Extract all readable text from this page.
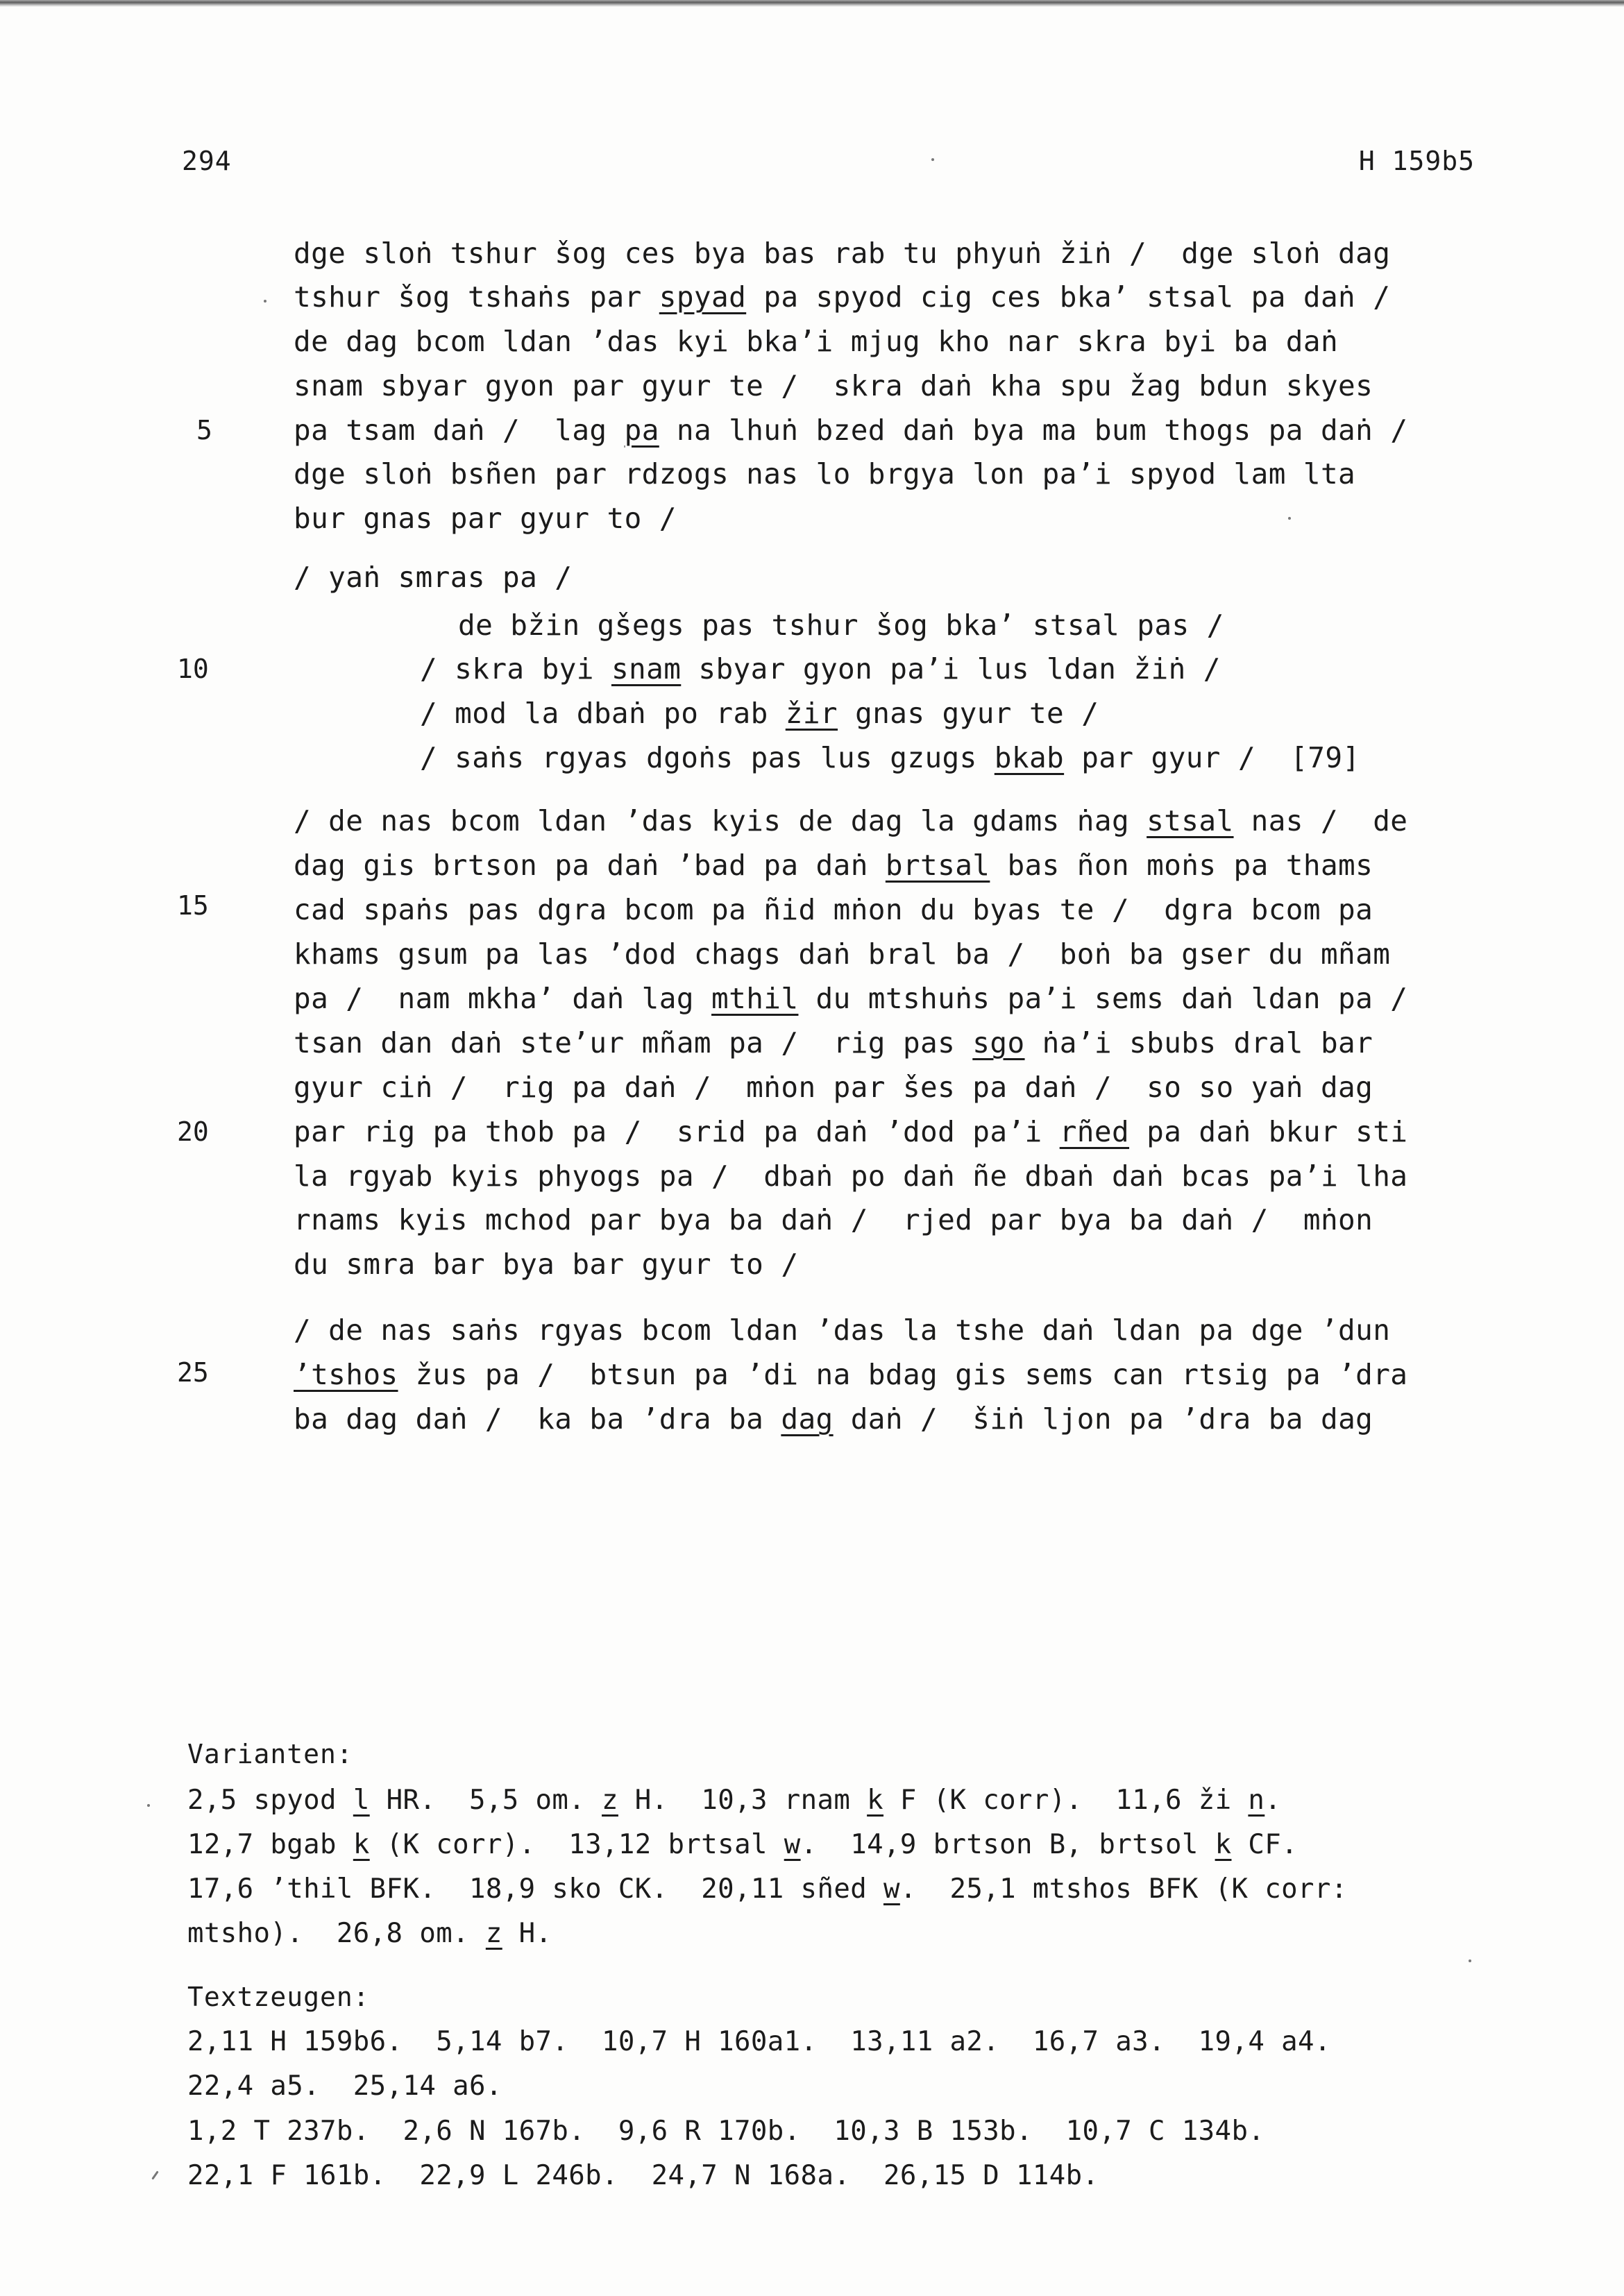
294	H 159b5
dge sloṅ tshur šog ces bya bas rab tu phyuṅ žiṅ /  dge sloṅ dag
tshur šog tshaṅs par spyad pa spyod cig ces bka’ stsal pa daṅ /
de dag bcom ldan ’das kyi bka’i mjug kho nar skra byi ba daṅ
snam sbyar gyon par gyur te /  skra daṅ kha spu žag bdun skyes
pa tsam daṅ /  lag pa na lhuṅ bzed daṅ bya ma bum thogs pa daṅ /
dge sloṅ bsñen par rdzogs nas lo brgya lon pa’i spyod lam lta
bur gnas par gyur to /
/ yaṅ smras pa /
de bžin gšegs pas tshur šog bka’ stsal pas /
/ skra byi snam sbyar gyon pa’i lus ldan žiṅ /
/ mod la dbaṅ po rab žir gnas gyur te /
/ saṅs rgyas dgoṅs pas lus gzugs bkab par gyur /  [79]
/ de nas bcom ldan ’das kyis de dag la gdams ṅag stsal nas /  de
dag gis brtson pa daṅ ’bad pa daṅ brtsal bas ñon moṅs pa thams
cad spaṅs pas dgra bcom pa ñid mṅon du byas te /  dgra bcom pa
khams gsum pa las ’dod chags daṅ bral ba /  boṅ ba gser du mñam
pa /  nam mkha’ daṅ lag mthil du mtshuṅs pa’i sems daṅ ldan pa /
tsan dan daṅ ste’ur mñam pa /  rig pas sgo ṅa’i sbubs dral bar
gyur ciṅ /  rig pa daṅ /  mṅon par šes pa daṅ /  so so yaṅ dag
par rig pa thob pa /  srid pa daṅ ’dod pa’i rñed pa daṅ bkur sti
la rgyab kyis phyogs pa /  dbaṅ po daṅ ñe dbaṅ daṅ bcas pa’i lha
rnams kyis mchod par bya ba daṅ /  rjed par bya ba daṅ /  mṅon
du smra bar bya bar gyur to /
/ de nas saṅs rgyas bcom ldan ’das la tshe daṅ ldan pa dge ’dun
’tshos žus pa /  btsun pa ’di na bdag gis sems can rtsig pa ’dra
ba dag daṅ /  ka ba ’dra ba dag daṅ /  šiṅ ljon pa ’dra ba dag
5
10
15
20
25
Varianten:
2,5 spyod l HR.  5,5 om. z H.  10,3 rnam k F (K corr).  11,6 ži n.
12,7 bgab k (K corr).  13,12 brtsal w.  14,9 brtson B, brtsol k CF.
17,6 ’thil BFK.  18,9 sko CK.  20,11 sñed w.  25,1 mtshos BFK (K corr:
mtsho).  26,8 om. z H.
Textzeugen:
2,11 H 159b6.  5,14 b7.  10,7 H 160a1.  13,11 a2.  16,7 a3.  19,4 a4.
22,4 a5.  25,14 a6.
1,2 T 237b.  2,6 N 167b.  9,6 R 170b.  10,3 B 153b.  10,7 C 134b.
22,1 F 161b.  22,9 L 246b.  24,7 N 168a.  26,15 D 114b.
